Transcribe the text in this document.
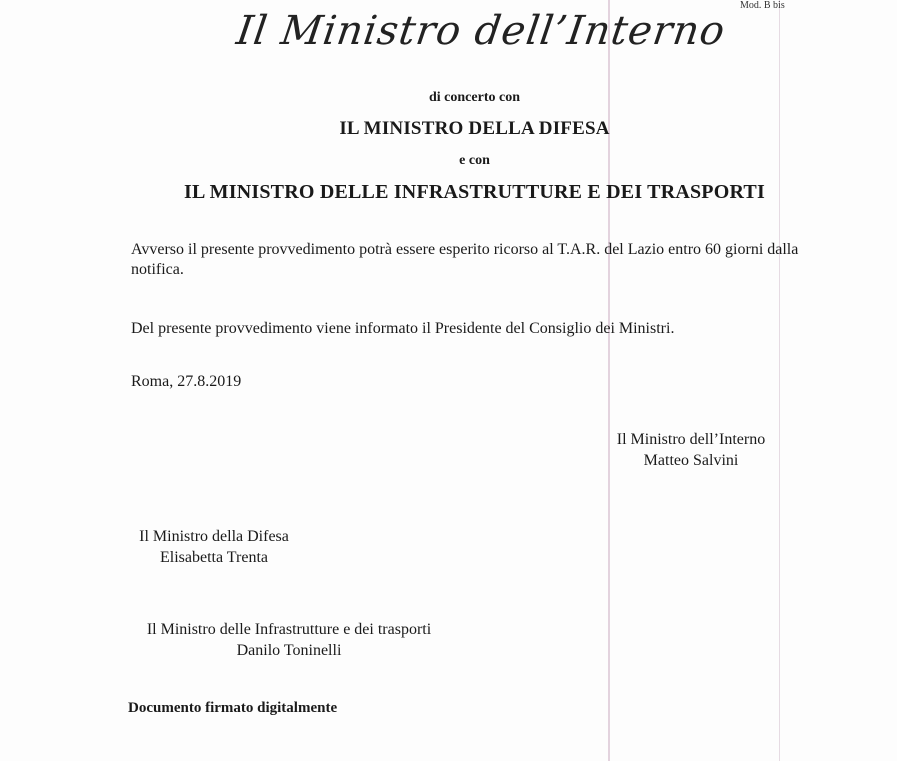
Mod. B bis
Il Ministro dell’Interno
di concerto con
IL MINISTRO DELLA DIFESA
e con
IL MINISTRO DELLE INFRASTRUTTURE E DEI TRASPORTI
Avverso il presente provvedimento potrà essere esperito ricorso al T.A.R. del Lazio entro 60 giorni dalla notifica.
Del presente provvedimento viene informato il Presidente del Consiglio dei Ministri.
Roma, 27.8.2019
Il Ministro dell’Interno
Matteo Salvini
Il Ministro della Difesa
Elisabetta Trenta
Il Ministro delle Infrastrutture e dei trasporti
Danilo Toninelli
Documento firmato digitalmente
